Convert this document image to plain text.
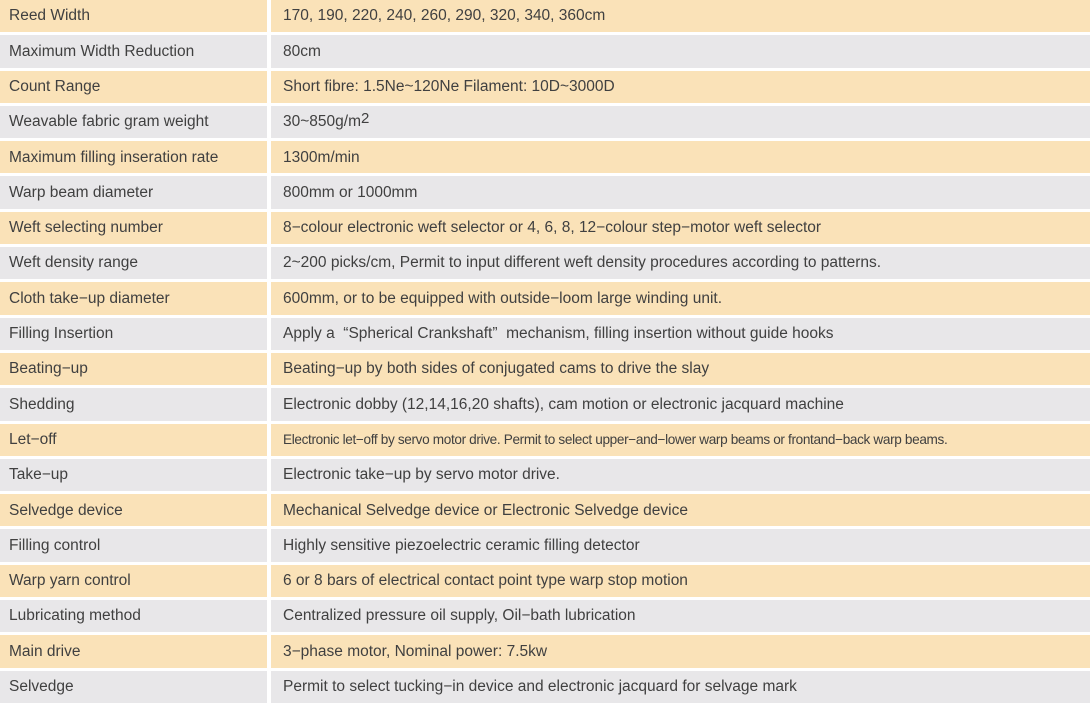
Reed Width	170, 190, 220, 240, 260, 290, 320, 340, 360cm
Maximum Width Reduction	80cm
Count Range	Short fibre: 1.5Ne~120Ne Filament: 10D~3000D
Weavable fabric gram weight	30~850g/m 2
Maximum filling inseration rate	1300m/min
Warp beam diameter	800mm or 1000mm
Weft selecting number	8−colour electronic weft selector or 4, 6, 8, 12−colour step−motor weft selector
Weft density range	2~200 picks/cm, Permit to input different weft density procedures according to patterns.
Cloth take−up diameter	600mm, or to be equipped with outside−loom large winding unit.
Filling Insertion	Apply a  “Spherical Crankshaft”  mechanism, filling insertion without guide hooks
Beating−up	Beating−up by both sides of conjugated cams to drive the slay
Shedding	Electronic dobby (12,14,16,20 shafts), cam motion or electronic jacquard machine
Let−off	Electronic let−off by servo motor drive. Permit to select upper−and−lower warp beams or frontand−back warp beams.
Take−up	Electronic take−up by servo motor drive.
Selvedge device	Mechanical Selvedge device or Electronic Selvedge device
Filling control	Highly sensitive piezoelectric ceramic filling detector
Warp yarn control	6 or 8 bars of electrical contact point type warp stop motion
Lubricating method	Centralized pressure oil supply, Oil−bath lubrication
Main drive	3−phase motor, Nominal power: 7.5kw
Selvedge	Permit to select tucking−in device and electronic jacquard for selvage mark
